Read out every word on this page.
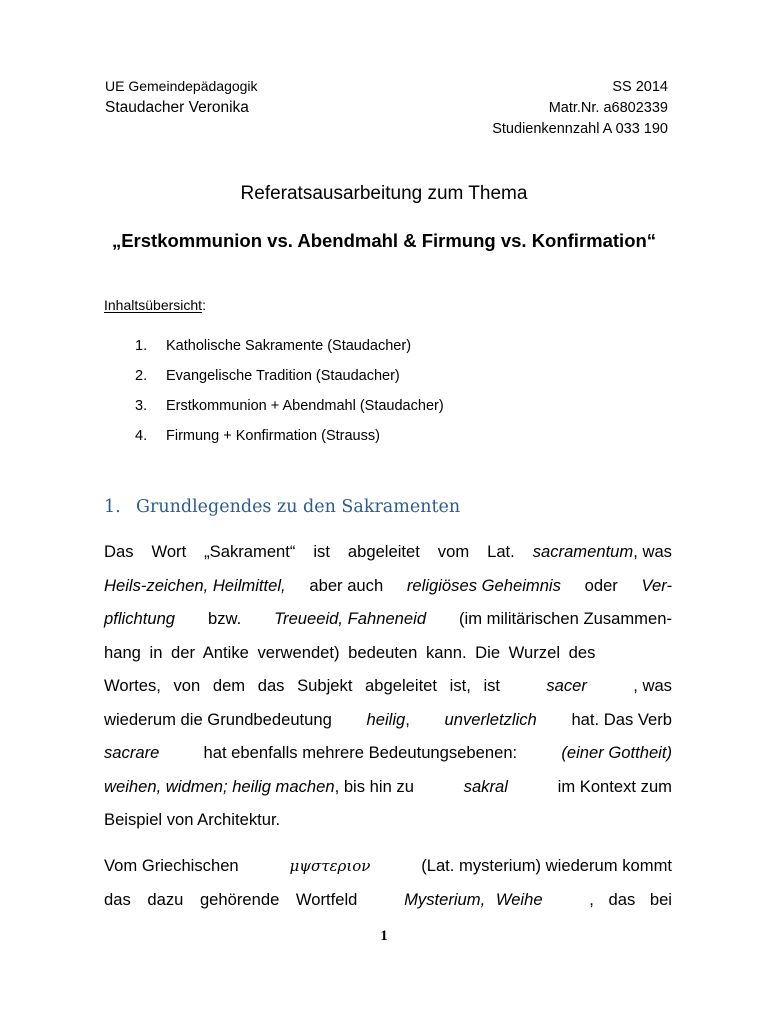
UE Gemeindepädagogik	SS 2014
Staudacher Veronika	Matr.Nr. a6802339
Studienkennzahl A 033 190
Referatsausarbeitung zum Thema
„Erstkommunion vs. Abendmahl & Firmung vs. Konfirmation“
Inhaltsübersicht:
1.	Katholische Sakramente (Staudacher)
2.	Evangelische Tradition (Staudacher)
3.	Erstkommunion + Abendmahl (Staudacher)
4.	Firmung + Konfirmation (Strauss)
1. Grundlegendes zu den Sakramenten
Das Wort „Sakrament“ ist abgeleitet vom Lat. sacramentum, was
Heils-zeichen, Heilmittel, aber auch religiöses Geheimnis oder Ver-
pflichtung bzw. Treueeid, Fahneneid (im militärischen Zusammen-
hang in der Antike verwendet) bedeuten kann. Die Wurzel des
Wortes, von dem das Subjekt abgeleitet ist, ist	sacer	, was
wiederum die Grundbedeutung heilig, unverletzlich hat. Das Verb
sacrare	hat ebenfalls mehrere Bedeutungsebenen:	(einer Gottheit)
weihen, widmen; heilig machen, bis hin zu	sakral	im Kontext zum
Beispiel von Architektur.
Vom Griechischen	μψστεριον	(Lat. mysterium) wiederum kommt
das dazu gehörende Wortfeld	Mysterium, Weihe	, das bei
1
